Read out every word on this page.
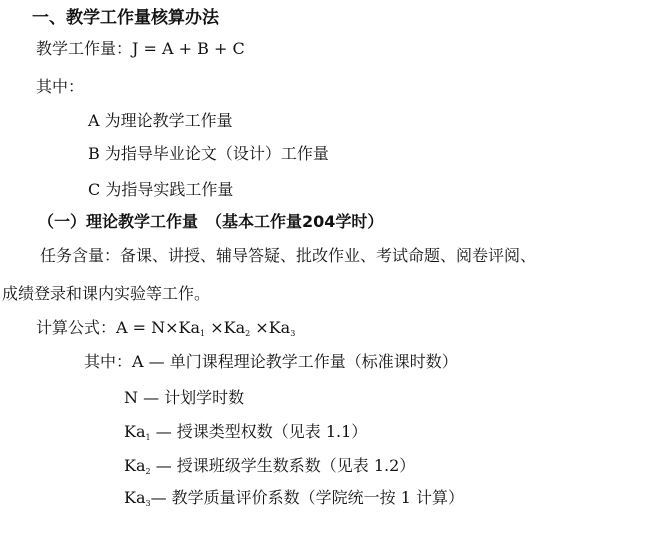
一、教学工作量核算办法
教学工作量：J = A + B + C
其中：
A 为理论教学工作量
B 为指导毕业论文（设计）工作量
C 为指导实践工作量
（一）理论教学工作量　（基本工作量204学时）
任务含量：备课、讲授、辅导答疑、批改作业、考试命题、阅卷评阅、
成绩登录和课内实验等工作。
计算公式：$A = N\times Ka_1 \times Ka_2 \times Ka_3$
其中：A — 单门课程理论教学工作量（标准课时数）
N — 计划学时数
$Ka_1$ — 授课类型权数（见表 1.1）
$Ka_2$ — 授课班级学生数系数（见表 1.2）
$Ka_3—$ 教学质量评价系数（学院统一按 1 计算）
